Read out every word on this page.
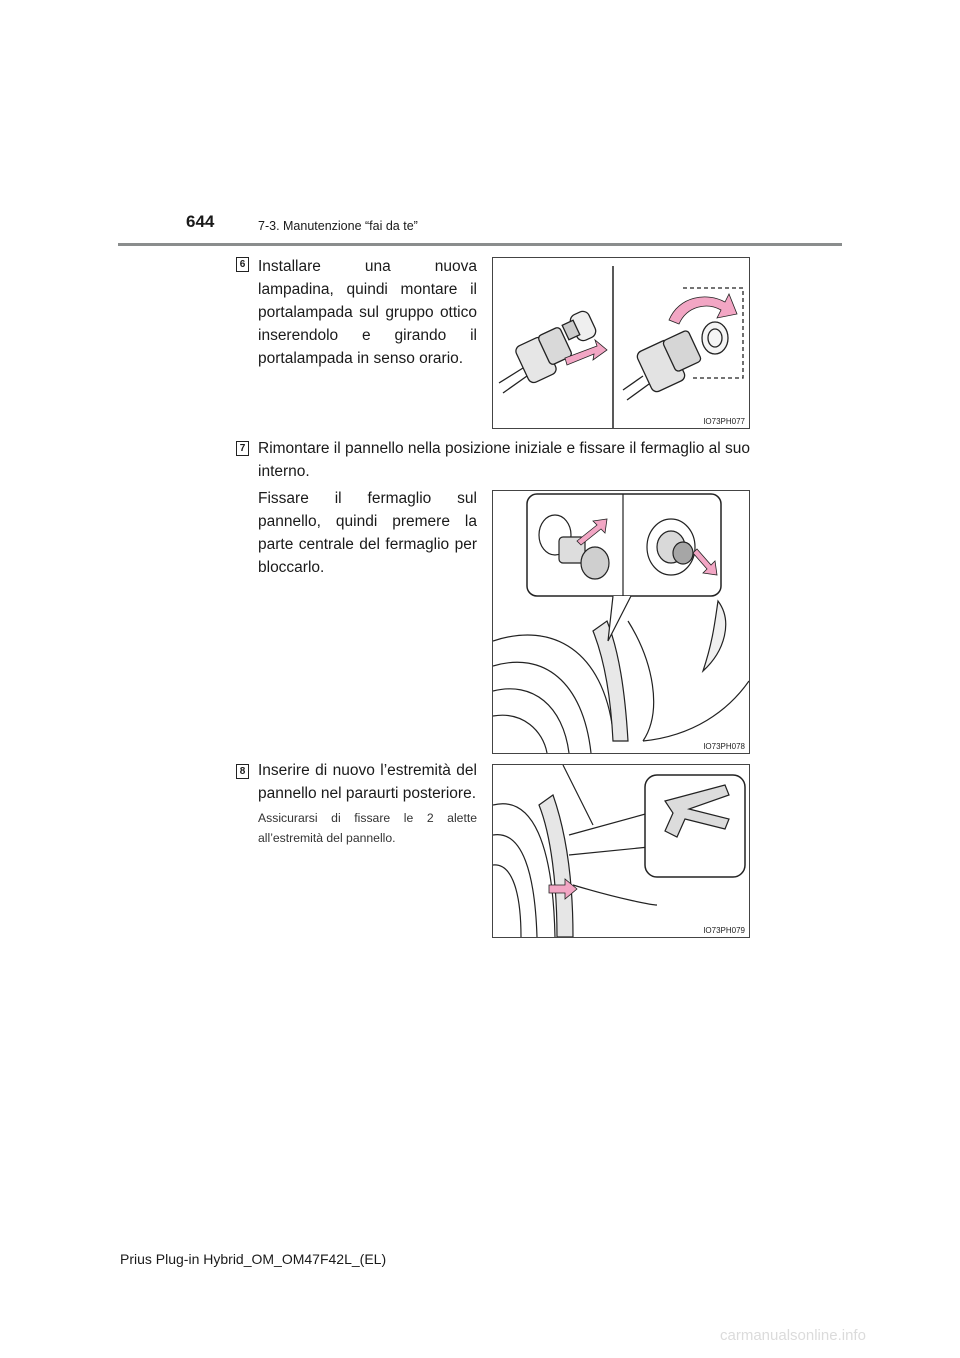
644	7-3. Manutenzione “fai da te”
6 Installare una nuova lampadina, quindi montare il portalampada sul gruppo ottico inserendolo e girando il portalampada in senso orario.
IO73PH077
7 Rimontare il pannello nella posizione iniziale e fissare il fermaglio al suo interno.
Fissare il fermaglio sul pannello, quindi premere la parte centrale del fermaglio per bloccarlo.
IO73PH078
8 Inserire di nuovo l’estremità del pannello nel paraurti posteriore.
Assicurarsi di fissare le 2 alette all’estremità del pannello.
IO73PH079
Prius Plug-in Hybrid_OM_OM47F42L_(EL)
carmanualsonline.info
